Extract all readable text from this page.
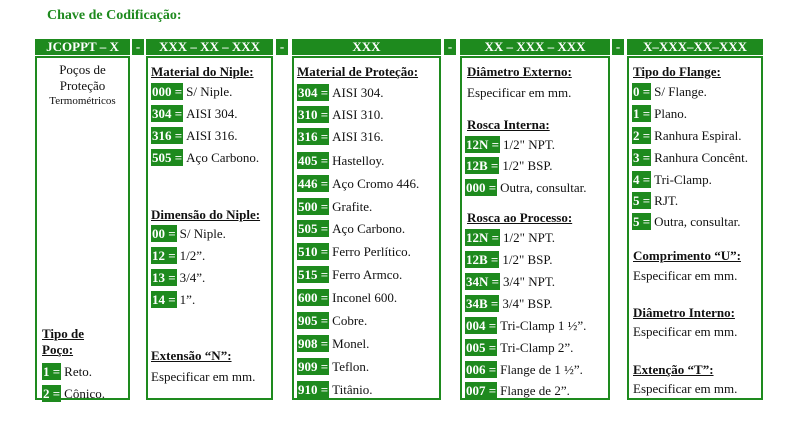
Chave de Codificação:
JCOPPT – X	-	XXX – XX – XXX	-	XXX	-	XX – XXX – XXX	-	X–XXX–XX–XXX
Poços de
Proteção
Termométricos
Tipo de
Poço:
1 = Reto.
2 = Cônico.
Material do Niple:
000 = S/ Niple.
304 = AISI 304.
316 = AISI 316.
505 = Aço Carbono.
Dimensão do Niple:
00 = S/ Niple.
12 = 1/2”.
13 = 3/4”.
14 = 1”.
Extensão “N”:
Especificar em mm.
Material de Proteção:
304 = AISI 304.
310 = AISI 310.
316 = AISI 316.
405 = Hastelloy.
446 = Aço Cromo 446.
500 = Grafite.
505 = Aço Carbono.
510 = Ferro Perlítico.
515 = Ferro Armco.
600 = Inconel 600.
905 = Cobre.
908 = Monel.
909 = Teflon.
910 = Titânio.
Diâmetro Externo:
Especificar em mm.
Rosca Interna:
12N = 1/2" NPT.
12B = 1/2" BSP.
000 = Outra, consultar.
Rosca ao Processo:
12N = 1/2" NPT.
12B = 1/2" BSP.
34N = 3/4" NPT.
34B = 3/4" BSP.
004 = Tri-Clamp 1 ½”.
005 = Tri-Clamp 2”.
006 = Flange de 1 ½”.
007 = Flange de 2”.
Tipo do Flange:
0 = S/ Flange.
1 = Plano.
2 = Ranhura Espiral.
3 = Ranhura Concênt.
4 = Tri-Clamp.
5 = RJT.
5 = Outra, consultar.
Comprimento “U”:
Especificar em mm.
Diâmetro Interno:
Especificar em mm.
Extenção “T”:
Especificar em mm.
